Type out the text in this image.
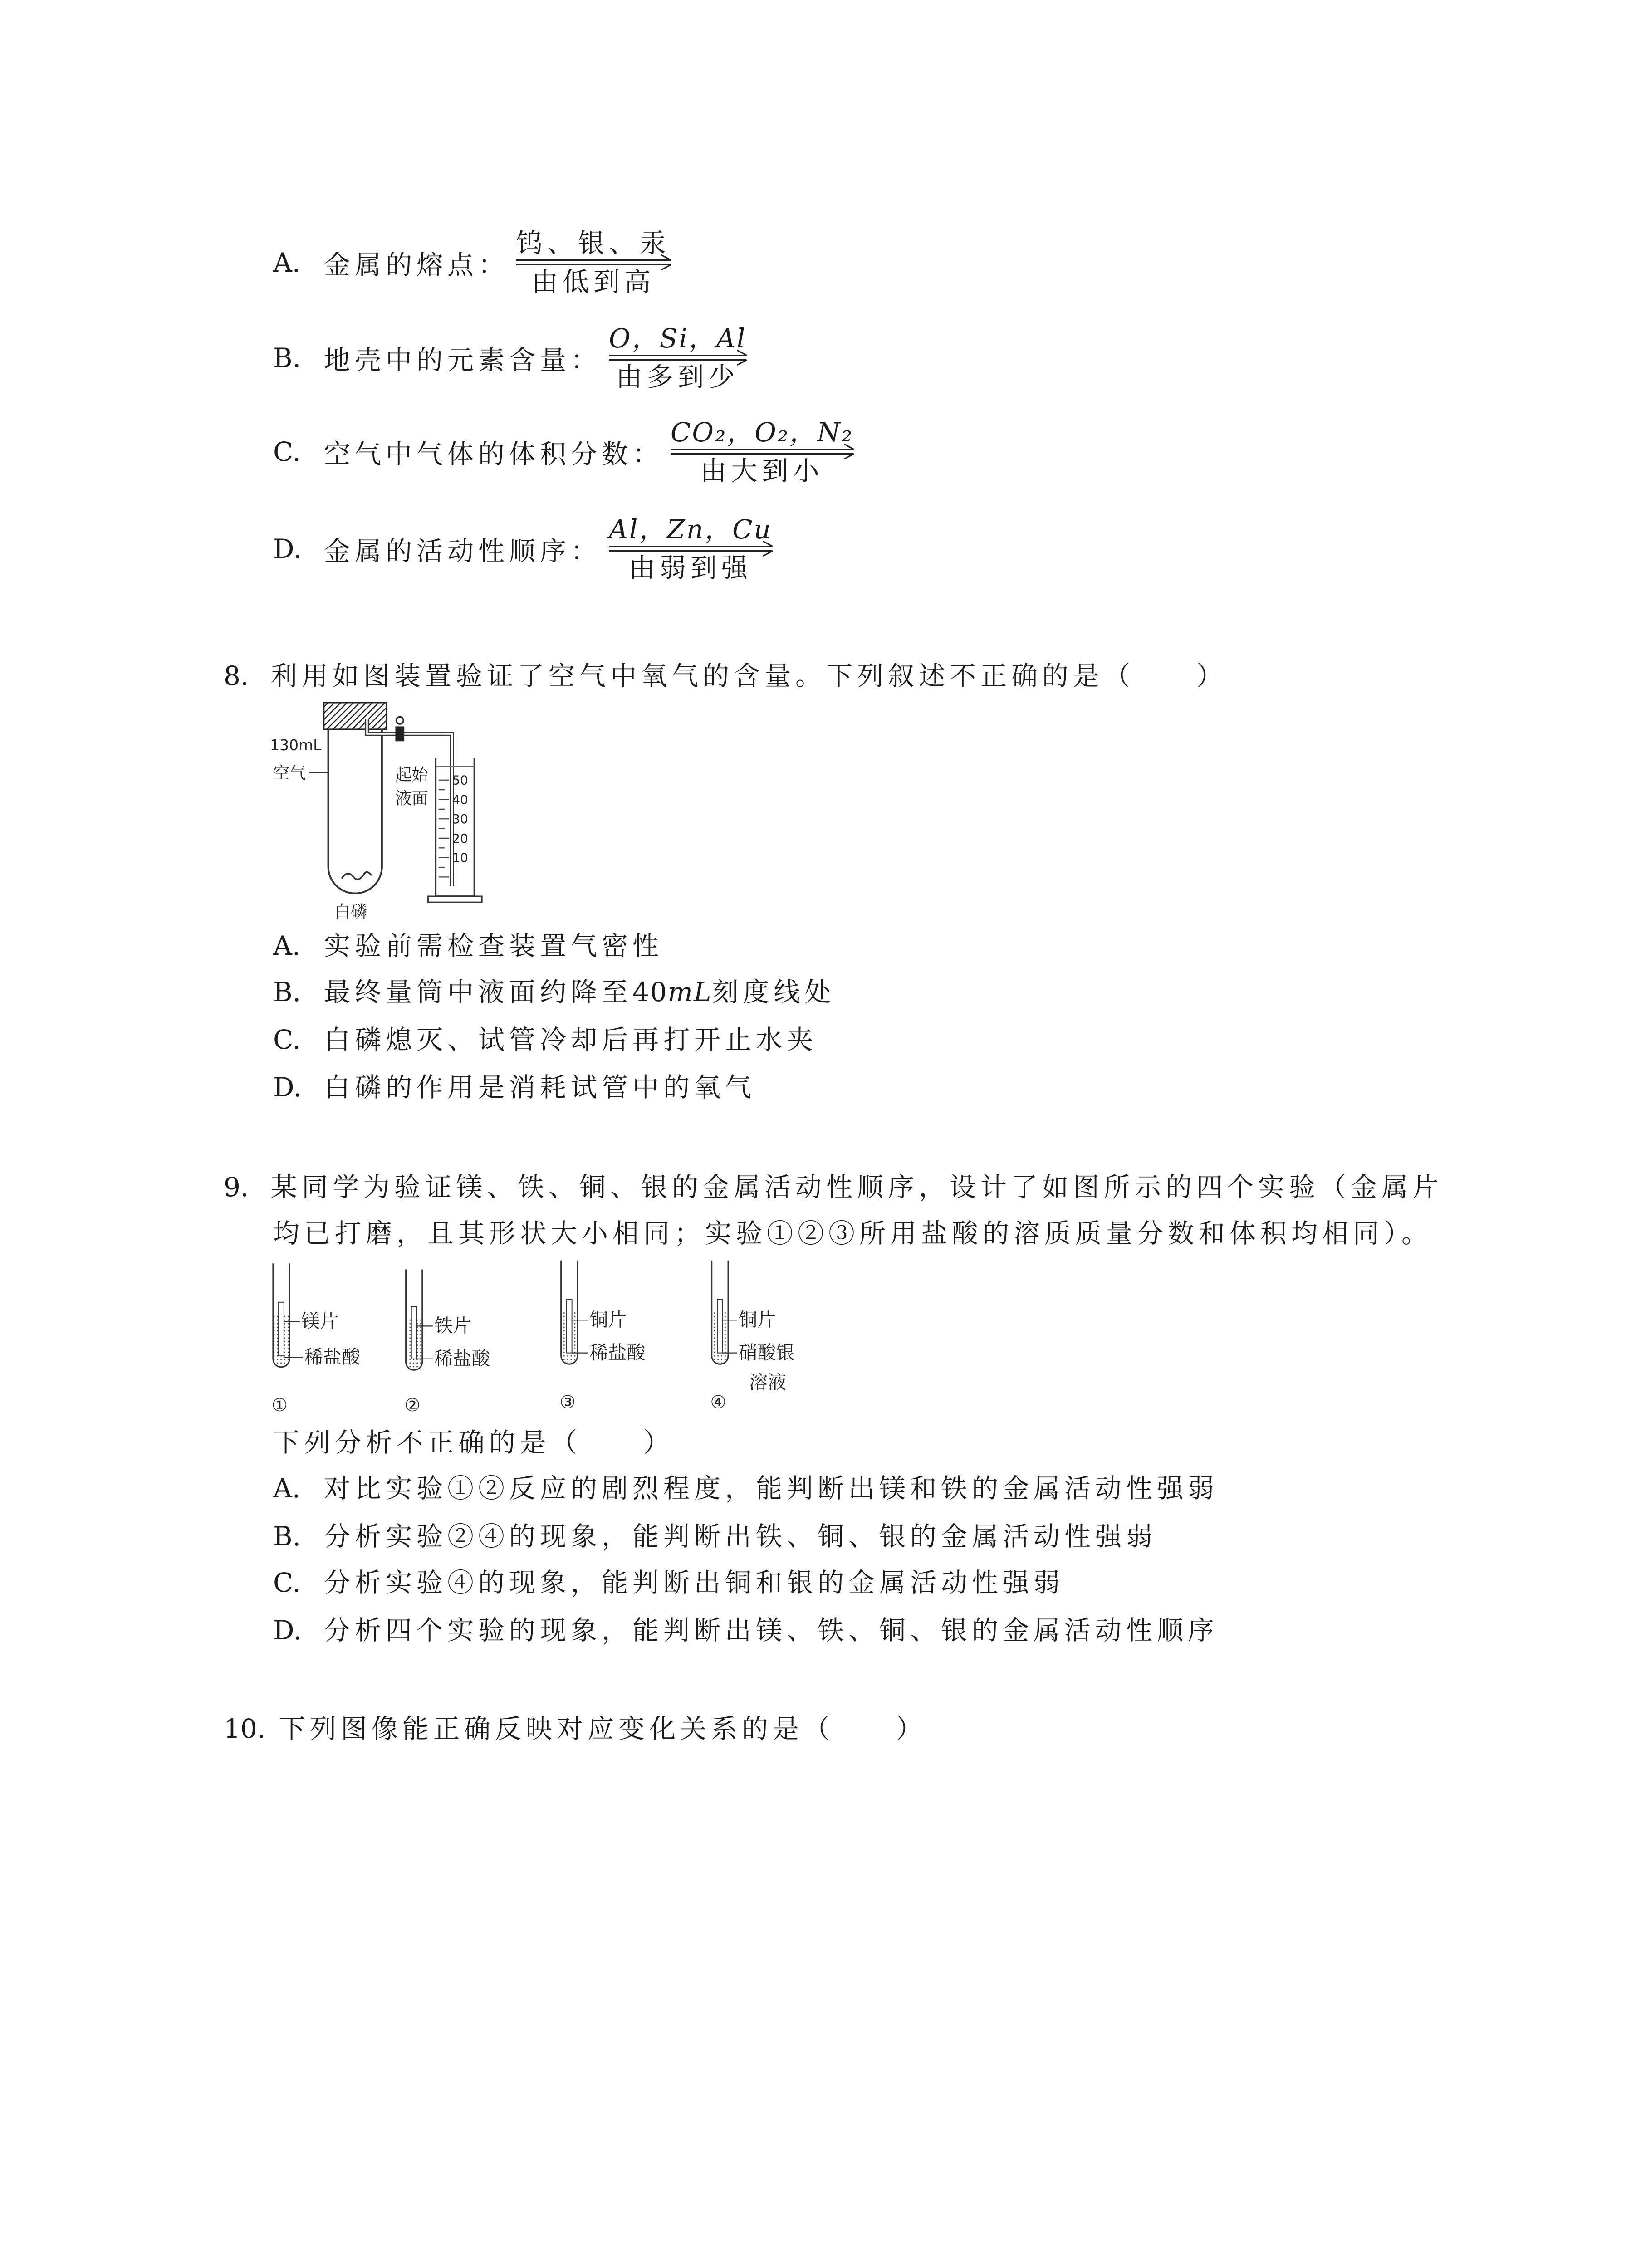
A. 金属的熔点：
钨、银、汞
由低到高
B. 地壳中的元素含量：
O，Si，Al
由多到少
C. 空气中气体的体积分数：
CO₂，O₂，N₂
由大到小
D. 金属的活动性顺序：
Al，Zn，Cu
由弱到强
8. 利用如图装置验证了空气中氧气的含量。下列叙述不正确的是（　　）
50
40
30
20
10
起始
液面
130mL
空气
白磷
A. 实验前需检查装置气密性
B. 最终量筒中液面约降至 40 mL 刻度线处
C. 白磷熄灭、试管冷却后再打开止水夹
D. 白磷的作用是消耗试管中的氧气
9. 某同学为验证镁、铁、铜、银的金属活动性顺序，设计了如图所示的四个实验（金属片
均已打磨，且其形状大小相同；实验①②③所用盐酸的溶质质量分数和体积均相同）。
镁片
稀盐酸
①
铁片
稀盐酸
②
铜片
稀盐酸
③
铜片
硝酸银
溶液
④
下列分析不正确的是（　　）
A. 对比实验①②反应的剧烈程度，能判断出镁和铁的金属活动性强弱
B. 分析实验②④的现象，能判断出铁、铜、银的金属活动性强弱
C. 分析实验④的现象，能判断出铜和银的金属活动性强弱
D. 分析四个实验的现象，能判断出镁、铁、铜、银的金属活动性顺序
10. 下列图像能正确反映对应变化关系的是（　　）
